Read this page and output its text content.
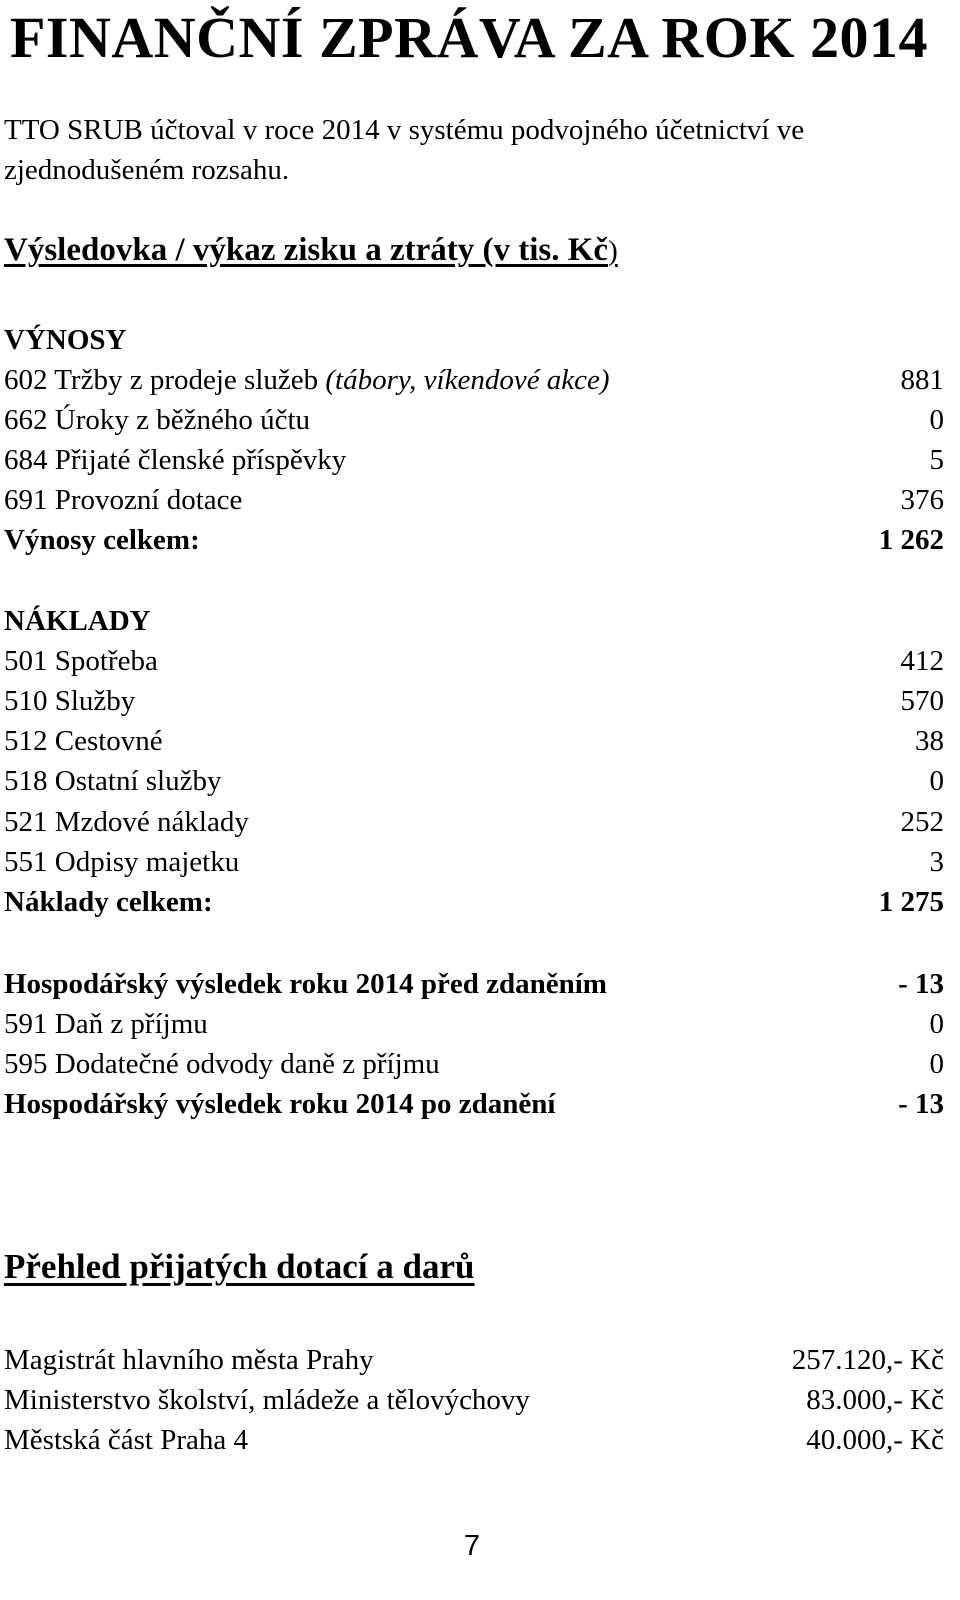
FINANČNÍ ZPRÁVA ZA ROK 2014
TTO SRUB účtoval v roce 2014 v systému podvojného účetnictví ve zjednodušeném rozsahu.
Výsledovka / výkaz zisku a ztráty (v tis. Kč)
VÝNOSY
602 Tržby z prodeje služeb (tábory, víkendové akce)	881
662 Úroky z běžného účtu	0
684 Přijaté členské příspěvky	5
691 Provozní dotace	376
Výnosy celkem:	1 262
NÁKLADY
501 Spotřeba	412
510 Služby	570
512 Cestovné	38
518 Ostatní služby	0
521 Mzdové náklady	252
551 Odpisy majetku	3
Náklady celkem:	1 275
Hospodářský výsledek roku 2014 před zdaněním	- 13
591 Daň z příjmu	0
595 Dodatečné odvody daně z příjmu	0
Hospodářský výsledek roku 2014 po zdanění	- 13
Přehled přijatých dotací a darů
Magistrát hlavního města Prahy	257.120,- Kč
Ministerstvo školství, mládeže a tělovýchovy	83.000,- Kč
Městská část Praha 4	40.000,- Kč
7
